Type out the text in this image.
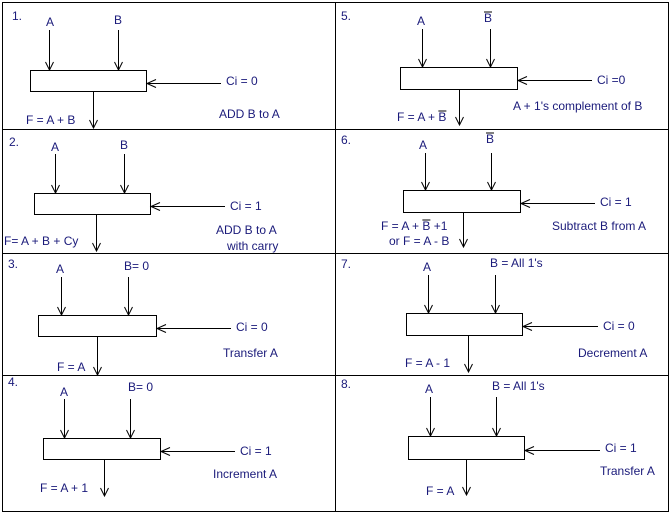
1. A	B
Ci = 0
F = A + B	ADD B to A
2.	A	B
Ci = 1
F= A + B + Cy
ADD B to A
with carry
3.	A	B= 0
Ci = 0
F = A
Transfer A
4.
A	B= 0
Ci = 1
F = A + 1
Increment A
5.	A	B
Ci =0
F = A + B
A + 1's complement of B
6.	A	B
Ci = 1
F = A + B +1
or F = A - B
Subtract B from A
7.	A	B = All 1's
Ci = 0
F = A - 1
Decrement A
8.	A	B = All 1's
Ci = 1
F = A
Transfer A
